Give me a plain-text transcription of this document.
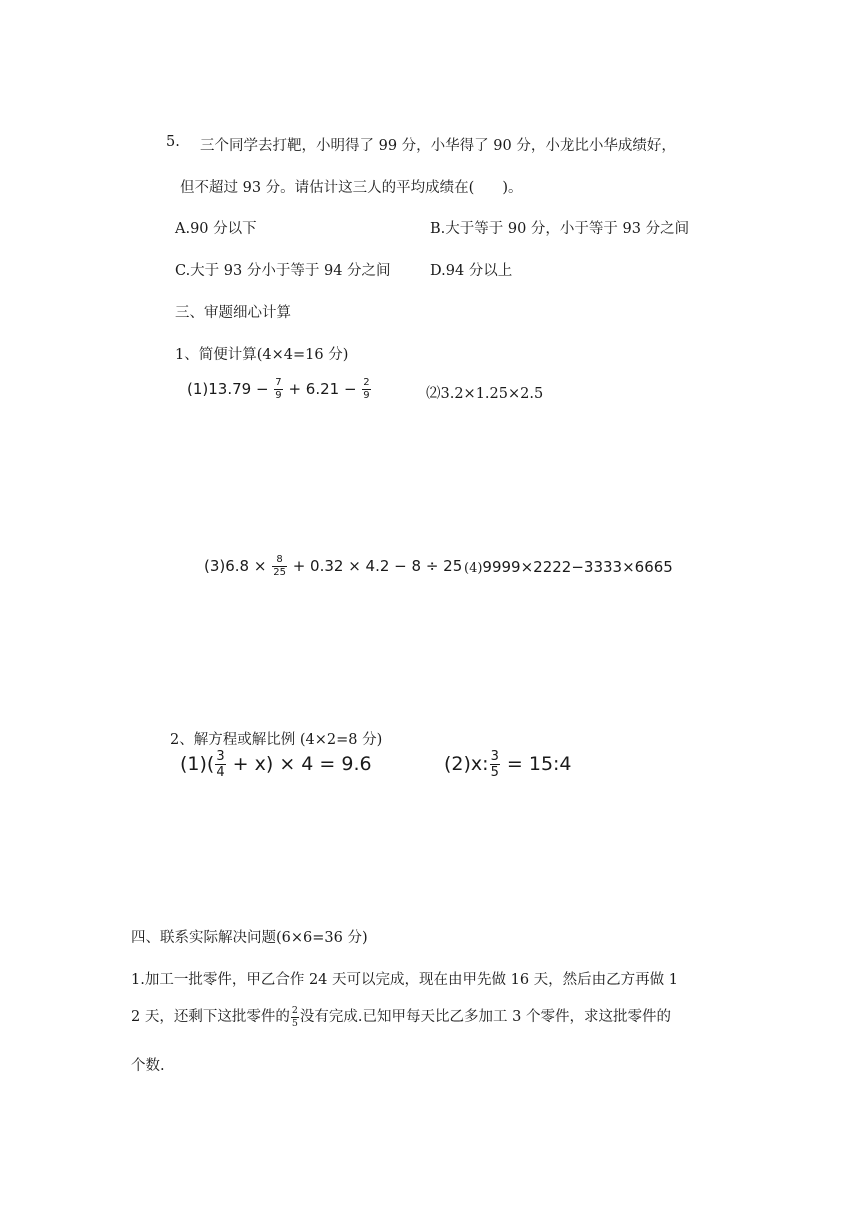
5. 三个同学去打靶，小明得了 99 分，小华得了 90 分，小龙比小华成绩好，
但不超过 93 分。请估计这三人的平均成绩在( )。
A.90 分以下	B.大于等于 90 分，小于等于 93 分之间
C.大于 93 分小于等于 94 分之间	D.94 分以上
三、审题细心计算
1、简便计算(4×4=16 分)
$(1)13.79 - \frac{7}{9} + 6.21 - \frac{2}{9}$	⑵3.2×1.25×2.5
$(3)6.8 \times \frac{8}{25} + 0.32 \times 4.2 - 8 \div 25$ (4)9999×2222−3333×6665
2、解方程或解比例 (4×2=8 分)
$(1)( \frac{3}{4} + x) \times 4 = 9.6$	(2)x: $\frac{3}{5}$ = 15:4
四、联系实际解决问题(6×6=36 分)
1.加工一批零件，甲乙合作 24 天可以完成，现在由甲先做 16 天，然后由乙方再做 1
2 天，还剩下这批零件的 $\frac{2}{5}$ 没有完成.已知甲每天比乙多加工 3 个零件，求这批零件的
个数.
